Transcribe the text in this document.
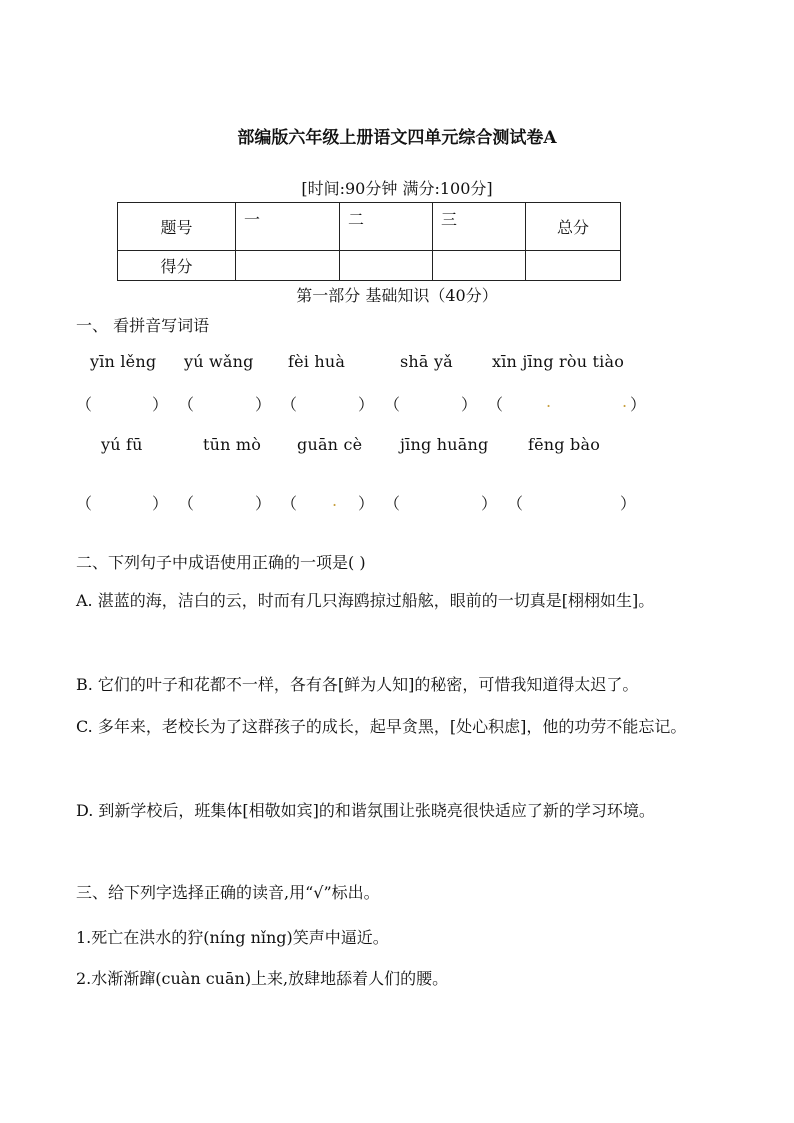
部编版六年级上册语文四单元综合测试卷A
[时间:90分钟 满分:100分]
题号	一	二	三	总分
得分				
第一部分 基础知识（40分）
一、 看拼音写词语
yīn lěng yú wǎng fèi huà	shā yǎ xīn jīng ròu tiào
（	） （	） （	） （	） （	.	. ）
yú fū	tūn mò guān cè jīng huāng fēng bào
（	） （	） （ . ） （	） （	）
二、下列句子中成语使用正确的一项是( )
A. 湛蓝的海，洁白的云，时而有几只海鸥掠过船舷，眼前的一切真是[栩栩如生]。
B. 它们的叶子和花都不一样，各有各[鲜为人知]的秘密，可惜我知道得太迟了。
C. 多年来，老校长为了这群孩子的成长，起早贪黑，[处心积虑]，他的功劳不能忘记。
D. 到新学校后，班集体[相敬如宾]的和谐氛围让张晓亮很快适应了新的学习环境。
三、给下列字选择正确的读音,用“√”标出。
1.死亡在洪水的狞(níng nǐng)笑声中逼近。
2.水渐渐蹿(cuàn cuān)上来,放肆地舔着人们的腰。
